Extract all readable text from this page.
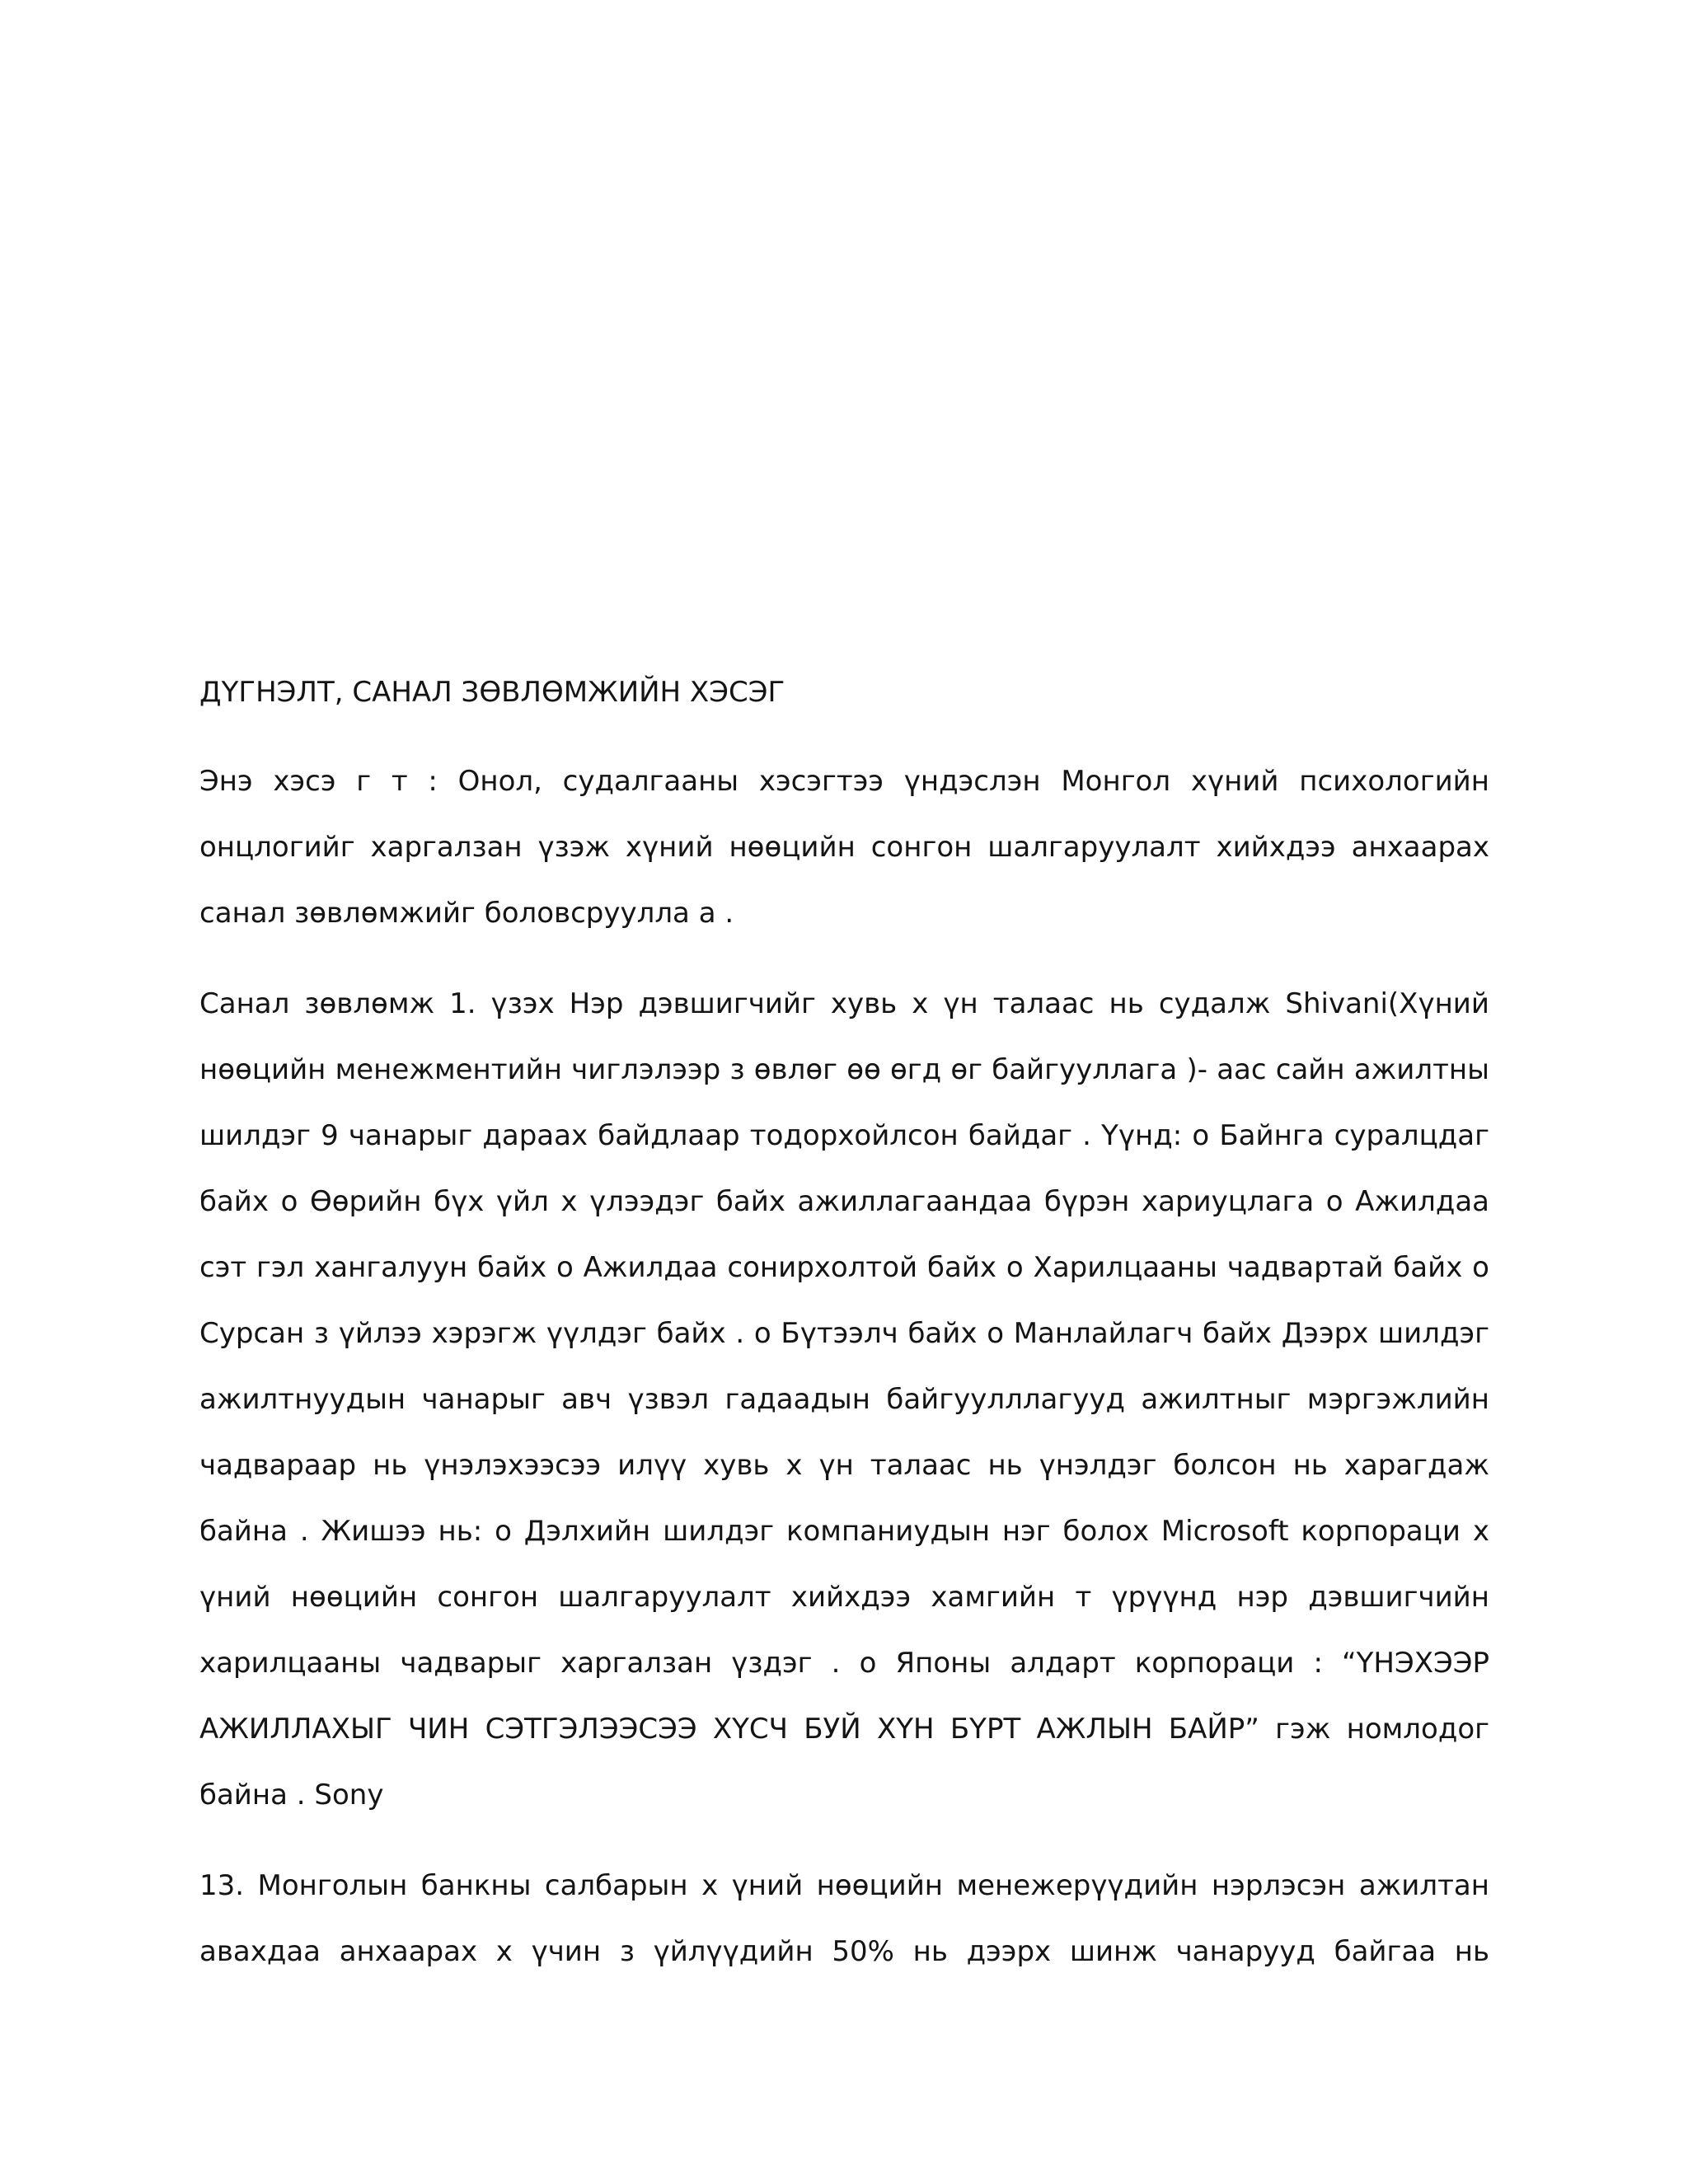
ДҮГНЭЛТ, САНАЛ ЗӨВЛӨМЖИЙН ХЭСЭГ

Энэ хэсэ г т : Онол, судалгааны хэсэгтээ үндэслэн Монгол хүний психологийн онцлогийг харгалзан үзэж хүний нөөцийн сонгон шалгаруулалт хийхдээ анхаарах санал зөвлөмжийг боловсруулла а .

Санал зөвлөмж 1. үзэх Нэр дэвшигчийг хувь х үн талаас нь судалж Shivani(Хүний нөөцийн менежментийн чиглэлээр з өвлөг өө өгд өг байгууллага )- аас сайн ажилтны шилдэг 9 чанарыг дараах байдлаар тодорхойлсон байдаг . Үүнд: о Байнга суралцдаг байх о Өөрийн бүх үйл х үлээдэг байх ажиллагаандаа бүрэн хариуцлага о Ажилдаа сэт гэл хангалуун байх о Ажилдаа сонирхолтой байх о Харилцааны чадвартай байх о Сурсан з үйлээ хэрэгж үүлдэг байх . о Бүтээлч байх о Манлайлагч байх Дээрх шилдэг ажилтнуудын чанарыг авч үзвэл гадаадын байгуулллагууд ажилтныг мэргэжлийн чадвараар нь үнэлэхээсээ илүү хувь х үн талаас нь үнэлдэг болсон нь харагдаж байна . Жишээ нь: о Дэлхийн шилдэг компаниудын нэг болох Microsoft корпораци х үний нөөцийн сонгон шалгаруулалт хийхдээ хамгийн т үрүүнд нэр дэвшигчийн харилцааны чадварыг харгалзан үздэг . о Японы алдарт корпораци : “ҮНЭХЭЭР АЖИЛЛАХЫГ ЧИН СЭТГЭЛЭЭСЭЭ ХҮСЧ БУЙ ХҮН БҮРТ АЖЛЫН БАЙР” гэж номлодог байна . Sony

13. Монголын банкны салбарын х үний нөөцийн менежерүүдийн нэрлэсэн ажилтан авахдаа анхаарах х үчин з үйлүүдийн 50% нь дээрх шинж чанарууд байгаа нь
